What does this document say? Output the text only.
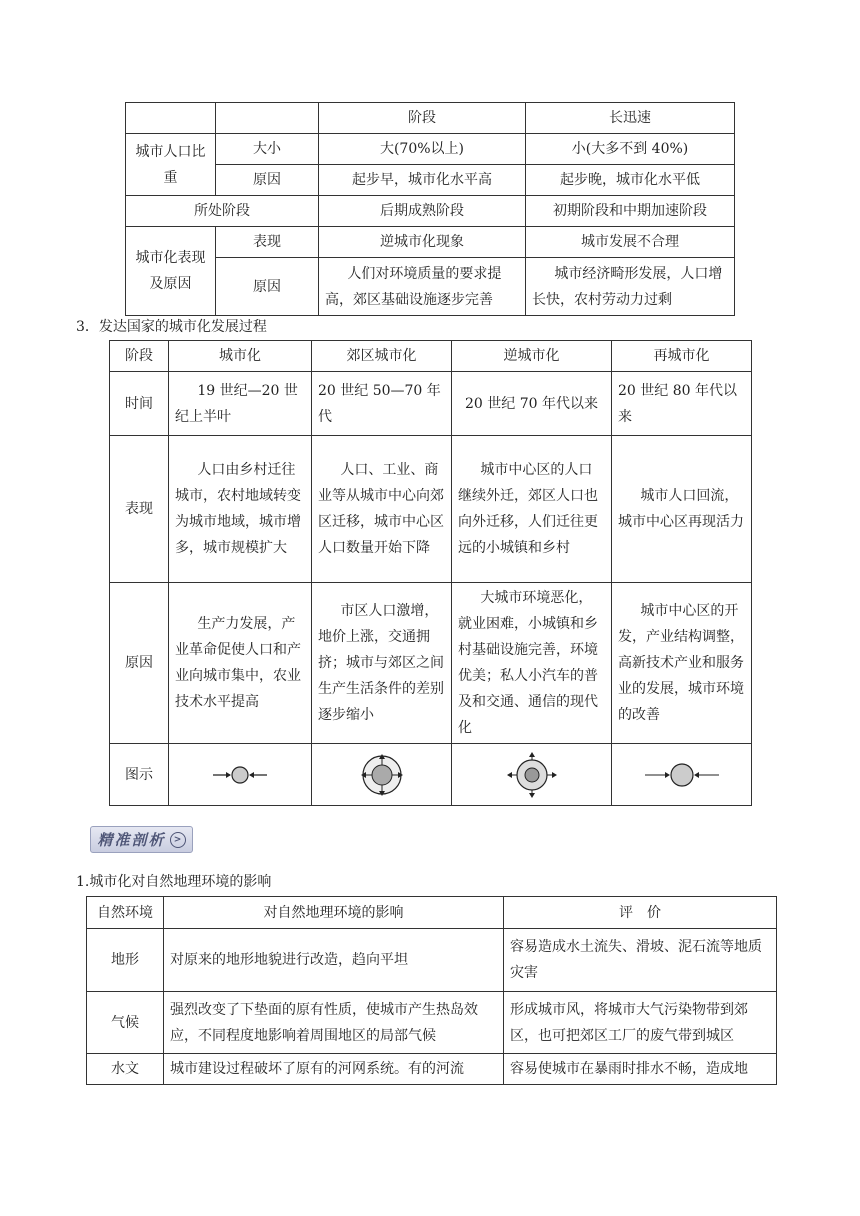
		阶段	长迅速
城市人口比重	大小	大(70%以上)	小(大多不到 40%)
	原因	起步早，城市化水平高	起步晚，城市化水平低
所处阶段		后期成熟阶段	初期阶段和中期加速阶段
城市化表现及原因	表现	逆城市化现象	城市发展不合理
	原因	人们对环境质量的要求提高，郊区基础设施逐步完善	城市经济畸形发展，人口增长快，农村劳动力过剩
3．发达国家的城市化发展过程
阶段	城市化	郊区城市化	逆城市化	再城市化
时间	19 世纪—20 世纪上半叶	20 世纪 50—70 年代	20 世纪 70 年代以来	20 世纪 80 年代以来
表现	人口由乡村迁往城市，农村地域转变为城市地域，城市增多，城市规模扩大	人口、工业、商业等从城市中心向郊区迁移，城市中心区人口数量开始下降	城市中心区的人口继续外迁，郊区人口也向外迁移，人们迁往更远的小城镇和乡村	城市人口回流，城市中心区再现活力
原因	生产力发展，产业革命促使人口和产业向城市集中，农业技术水平提高	市区人口激增，地价上涨，交通拥挤；城市与郊区之间生产生活条件的差别逐步缩小	大城市环境恶化，就业困难，小城镇和乡村基础设施完善，环境优美；私人小汽车的普及和交通、通信的现代化	城市中心区的开发，产业结构调整，高新技术产业和服务业的发展，城市环境的改善
图示	

精准剖析 >
1.城市化对自然地理环境的影响
自然环境	对自然地理环境的影响	评　价
地形	对原来的地形地貌进行改造，趋向平坦	容易造成水土流失、滑坡、泥石流等地质灾害
气候	强烈改变了下垫面的原有性质，使城市产生热岛效应，不同程度地影响着周围地区的局部气候	形成城市风，将城市大气污染物带到郊区，也可把郊区工厂的废气带到城区
水文	城市建设过程破坏了原有的河网系统。有的河流	容易使城市在暴雨时排水不畅，造成地
